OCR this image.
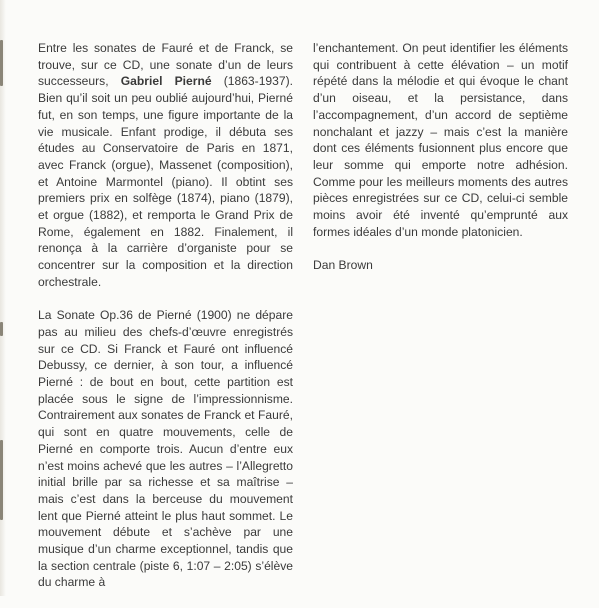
Entre les sonates de Fauré et de Franck, se trouve, sur ce CD, une sonate d’un de leurs successeurs, Gabriel Pierné (1863-1937). Bien qu’il soit un peu oublié aujourd’hui, Pierné fut, en son temps, une figure importante de la vie musicale. Enfant prodige, il débuta ses études au Conservatoire de Paris en 1871, avec Franck (orgue), Massenet (composition), et Antoine Marmontel (piano). Il obtint ses premiers prix en solfège (1874), piano (1879), et orgue (1882), et remporta le Grand Prix de Rome, également en 1882. Finalement, il renonça à la carrière d’organiste pour se concentrer sur la composition et la direction orchestrale.

La Sonate Op.36 de Pierné (1900) ne dépare pas au milieu des chefs-d’œuvre enregistrés sur ce CD. Si Franck et Fauré ont influencé Debussy, ce dernier, à son tour, a influencé Pierné : de bout en bout, cette partition est placée sous le signe de l’impressionnisme. Contrairement aux sonates de Franck et Fauré, qui sont en quatre mouvements, celle de Pierné en comporte trois. Aucun d’entre eux n’est moins achevé que les autres – l’Allegretto initial brille par sa richesse et sa maîtrise – mais c’est dans la berceuse du mouvement lent que Pierné atteint le plus haut sommet. Le mouvement débute et s’achève par une musique d’un charme exceptionnel, tandis que la section centrale (piste 6, 1:07 – 2:05) s’élève du charme à

l’enchantement. On peut identifier les éléments qui contribuent à cette élévation – un motif répété dans la mélodie et qui évoque le chant d’un oiseau, et la persistance, dans l’accompagnement, d’un accord de septième nonchalant et jazzy – mais c’est la manière dont ces éléments fusionnent plus encore que leur somme qui emporte notre adhésion. Comme pour les meilleurs moments des autres pièces enregistrées sur ce CD, celui-ci semble moins avoir été inventé qu’emprunté aux formes idéales d’un monde platonicien.

Dan Brown
